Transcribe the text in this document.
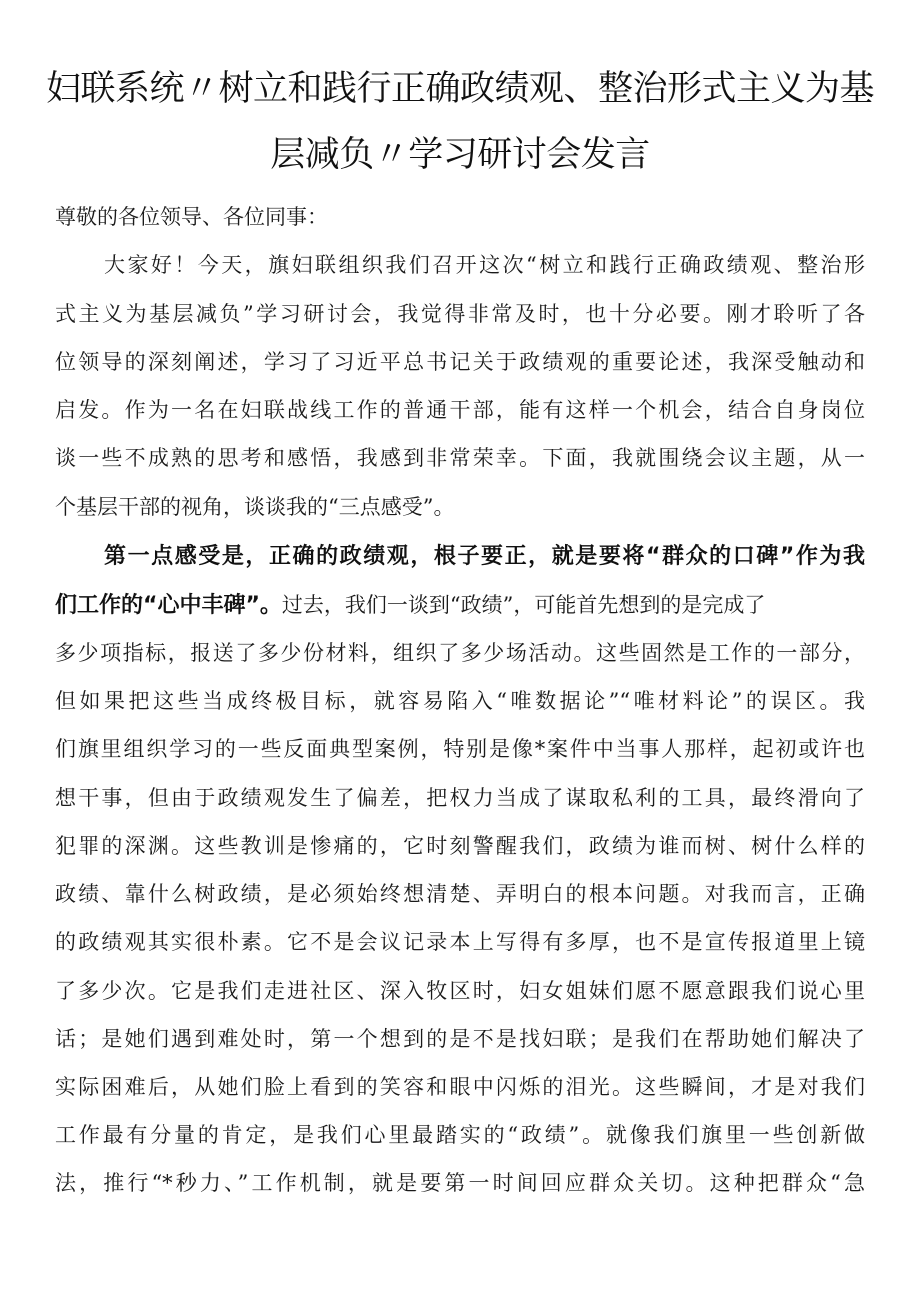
妇联系统〃树立和践行正确政绩观、整治形式主义为基
层减负〃学习研讨会发言
尊敬的各位领导、各位同事：
大家好！今天，旗妇联组织我们召开这次“树立和践行正确政绩观、整治形
式主义为基层减负”学习研讨会，我觉得非常及时，也十分必要。刚才聆听了各
位领导的深刻阐述，学习了习近平总书记关于政绩观的重要论述，我深受触动和
启发。作为一名在妇联战线工作的普通干部，能有这样一个机会，结合自身岗位
谈一些不成熟的思考和感悟，我感到非常荣幸。下面，我就围绕会议主题，从一
个基层干部的视角，谈谈我的“三点感受”。
第一点感受是，正确的政绩观，根子要正，就是要将“群众的口碑”作为我
们工作的“心中丰碑”。过去，我们一谈到“政绩”，可能首先想到的是完成了
多少项指标，报送了多少份材料，组织了多少场活动。这些固然是工作的一部分，
但如果把这些当成终极目标，就容易陷入“唯数据论”“唯材料论”的误区。我
们旗里组织学习的一些反面典型案例，特别是像*案件中当事人那样，起初或许也
想干事，但由于政绩观发生了偏差，把权力当成了谋取私利的工具，最终滑向了
犯罪的深渊。这些教训是惨痛的，它时刻警醒我们，政绩为谁而树、树什么样的
政绩、靠什么树政绩，是必须始终想清楚、弄明白的根本问题。对我而言，正确
的政绩观其实很朴素。它不是会议记录本上写得有多厚，也不是宣传报道里上镜
了多少次。它是我们走进社区、深入牧区时，妇女姐妹们愿不愿意跟我们说心里
话；是她们遇到难处时，第一个想到的是不是找妇联；是我们在帮助她们解决了
实际困难后，从她们脸上看到的笑容和眼中闪烁的泪光。这些瞬间，才是对我们
工作最有分量的肯定，是我们心里最踏实的“政绩”。就像我们旗里一些创新做
法，推行“*秒力、”工作机制，就是要第一时间回应群众关切。这种把群众“急
